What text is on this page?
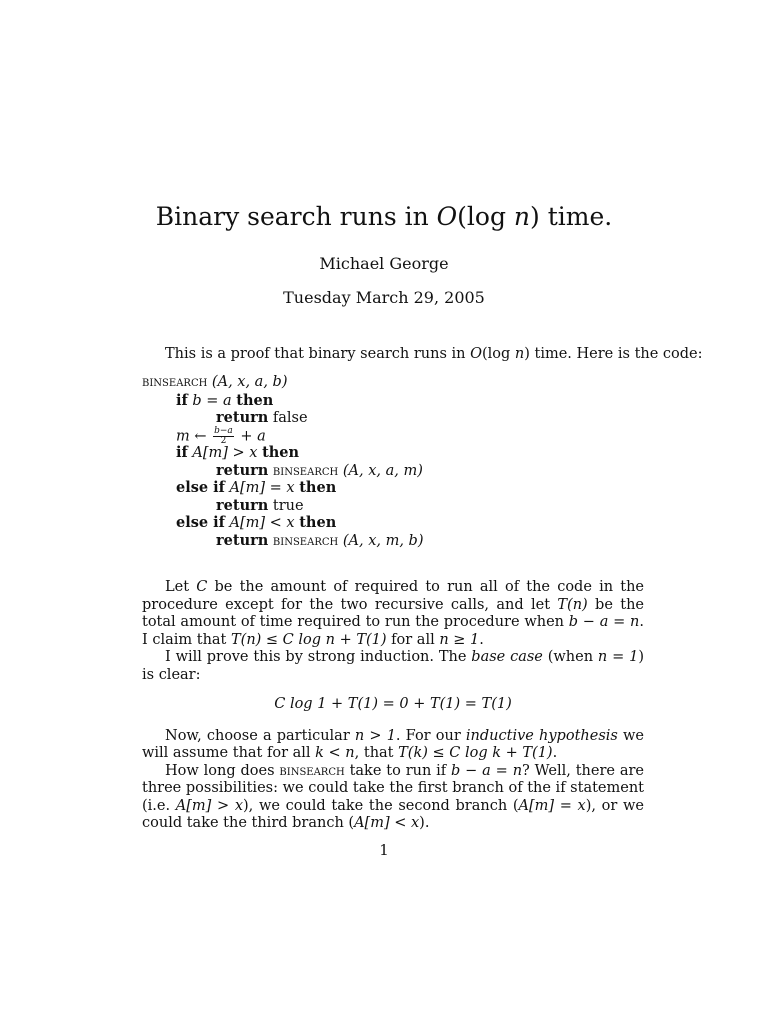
Binary search runs in O(log n) time.
Michael George
Tuesday March 29, 2005
This is a proof that binary search runs in O(log n) time. Here is the code:
binsearch (A, x, a, b)
if b = a then
return false
m ← $\frac{b-a}{2} + a$
if A[m] > x then
return binsearch (A, x, a, m)
else if A[m] = x then
return true
else if A[m] < x then
return binsearch (A, x, m, b)

Let C be the amount of required to run all of the code in the procedure except for the two recursive calls, and let T(n) be the total amount of time required to run the procedure when b − a = n. I claim that T(n) ≤ C log n + T(1) for all n ≥ 1.

I will prove this by strong induction. The base case (when n = 1) is clear:

C log 1 + T(1) = 0 + T(1) = T(1)

Now, choose a particular n > 1. For our inductive hypothesis we will assume that for all k < n, that T(k) ≤ C log k + T(1).

How long does binsearch take to run if b − a = n? Well, there are three possibilities: we could take the first branch of the if statement (i.e. A[m] > x), we could take the second branch (A[m] = x), or we could take the third branch (A[m] < x).

1
